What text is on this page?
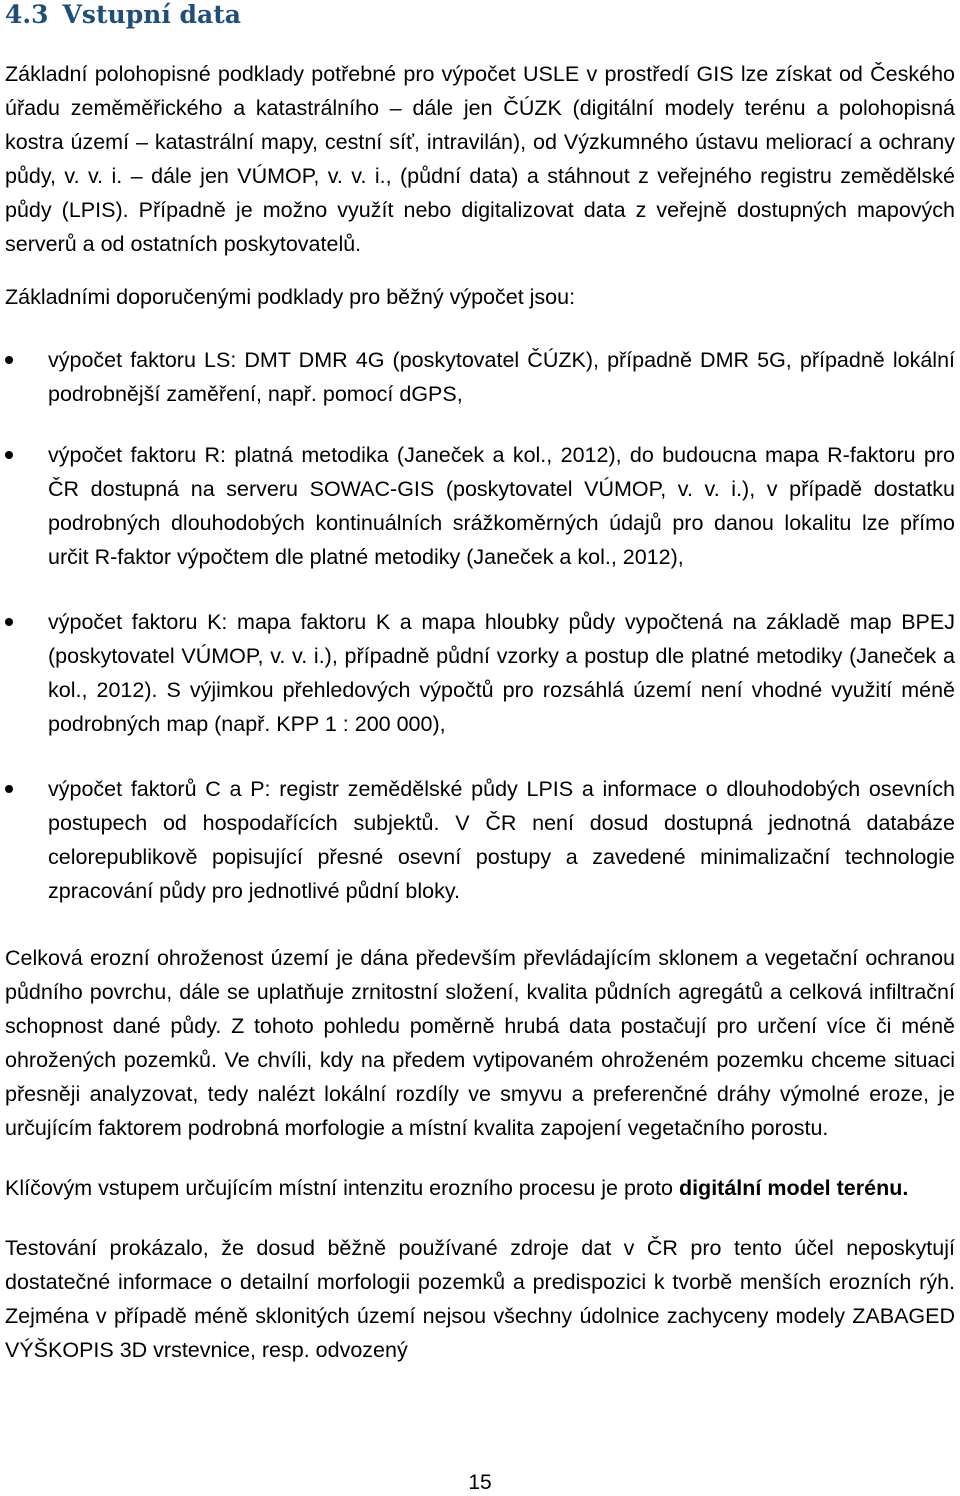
4.3 Vstupní data

Základní polohopisné podklady potřebné pro výpočet USLE v prostředí GIS lze získat od Českého úřadu zeměměřického a katastrálního – dále jen ČÚZK (digitální modely terénu a polohopisná kostra území – katastrální mapy, cestní síť, intravilán), od Výzkumného ústavu meliorací a ochrany půdy, v. v. i. – dále jen VÚMOP, v. v. i., (půdní data) a stáhnout z veřejného registru zemědělské půdy (LPIS). Případně je možno využít nebo digitalizovat data z veřejně dostupných mapových serverů a od ostatních poskytovatelů.

Základními doporučenými podklady pro běžný výpočet jsou:

výpočet faktoru LS: DMT DMR 4G (poskytovatel ČÚZK), případně DMR 5G, případně lokální podrobnější zaměření, např. pomocí dGPS,
výpočet faktoru R: platná metodika (Janeček a kol., 2012), do budoucna mapa R-faktoru pro ČR dostupná na serveru SOWAC-GIS (poskytovatel VÚMOP, v. v. i.), v případě dostatku podrobných dlouhodobých kontinuálních srážkoměrných údajů pro danou lokalitu lze přímo určit R-faktor výpočtem dle platné metodiky (Janeček a kol., 2012),
výpočet faktoru K: mapa faktoru K a mapa hloubky půdy vypočtená na základě map BPEJ (poskytovatel VÚMOP, v. v. i.), případně půdní vzorky a postup dle platné metodiky (Janeček a kol., 2012). S výjimkou přehledových výpočtů pro rozsáhlá území není vhodné využití méně podrobných map (např. KPP 1 : 200 000),
výpočet faktorů C a P: registr zemědělské půdy LPIS a informace o dlouhodobých osevních postupech od hospodařících subjektů. V ČR není dosud dostupná jednotná databáze celorepublikově popisující přesné osevní postupy a zavedené minimalizační technologie zpracování půdy pro jednotlivé půdní bloky.

Celková erozní ohroženost území je dána především převládajícím sklonem a vegetační ochranou půdního povrchu, dále se uplatňuje zrnitostní složení, kvalita půdních agregátů a celková infiltrační schopnost dané půdy. Z tohoto pohledu poměrně hrubá data postačují pro určení více či méně ohrožených pozemků. Ve chvíli, kdy na předem vytipovaném ohroženém pozemku chceme situaci přesněji analyzovat, tedy nalézt lokální rozdíly ve smyvu a preferenčné dráhy výmolné eroze, je určujícím faktorem podrobná morfologie a místní kvalita zapojení vegetačního porostu.

Klíčovým vstupem určujícím místní intenzitu erozního procesu je proto digitální model terénu.

Testování prokázalo, že dosud běžně používané zdroje dat v ČR pro tento účel neposkytují dostatečné informace o detailní morfologii pozemků a predispozici k tvorbě menších erozních rýh. Zejména v případě méně sklonitých území nejsou všechny údolnice zachyceny modely ZABAGED VÝŠKOPIS 3D vrstevnice, resp. odvozený

15
